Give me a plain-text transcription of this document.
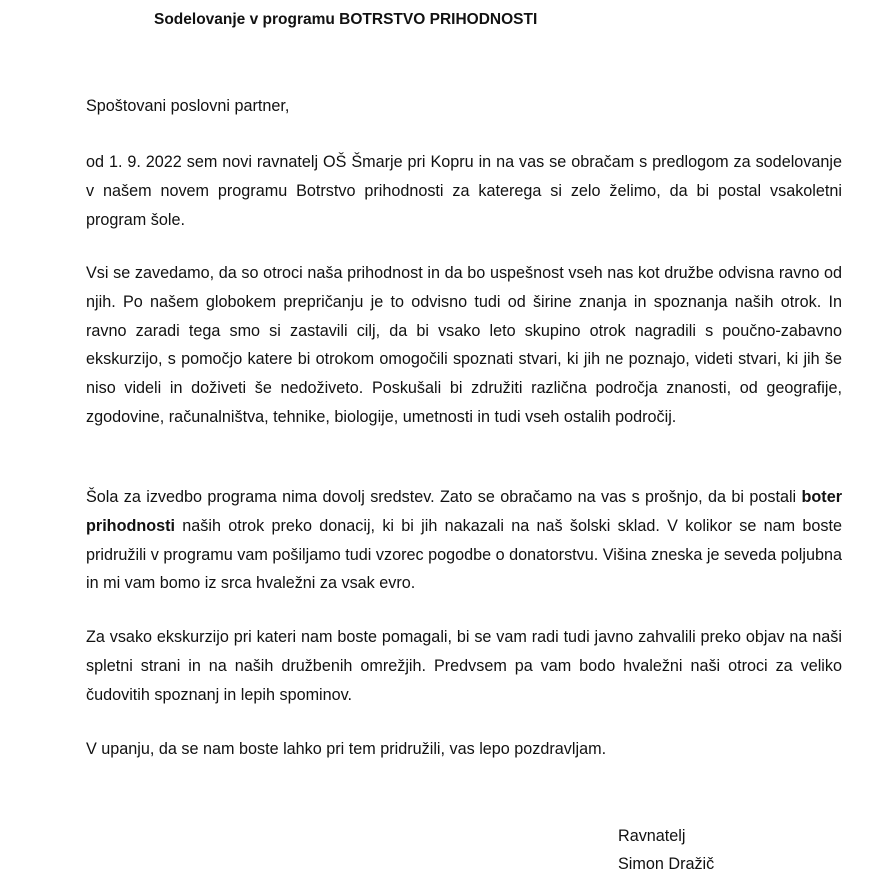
Sodelovanje v programu BOTRSTVO PRIHODNOSTI

Spoštovani poslovni partner,

od 1. 9. 2022 sem novi ravnatelj OŠ Šmarje pri Kopru in na vas se obračam s predlogom za sodelovanje v našem novem programu Botrstvo prihodnosti za katerega si zelo želimo, da bi postal vsakoletni program šole.

Vsi se zavedamo, da so otroci naša prihodnost in da bo uspešnost vseh nas kot družbe odvisna ravno od njih. Po našem globokem prepričanju je to odvisno tudi od širine znanja in spoznanja naših otrok. In ravno zaradi tega smo si zastavili cilj, da bi vsako leto skupino otrok nagradili s poučno-zabavno ekskurzijo, s pomočjo katere bi otrokom omogočili spoznati stvari, ki jih ne poznajo, videti stvari, ki jih še niso videli in doživeti še nedoživeto. Poskušali bi združiti različna področja znanosti, od geografije, zgodovine, računalništva, tehnike, biologije, umetnosti in tudi vseh ostalih področij.

Šola za izvedbo programa nima dovolj sredstev. Zato se obračamo na vas s prošnjo, da bi postali boter prihodnosti naših otrok preko donacij, ki bi jih nakazali na naš šolski sklad. V kolikor se nam boste pridružili v programu vam pošiljamo tudi vzorec pogodbe o donatorstvu. Višina zneska je seveda poljubna in mi vam bomo iz srca hvaležni za vsak evro.

Za vsako ekskurzijo pri kateri nam boste pomagali, bi se vam radi tudi javno zahvalili preko objav na naši spletni strani in na naših družbenih omrežjih. Predvsem pa vam bodo hvaležni naši otroci za veliko čudovitih spoznanj in lepih spominov.

V upanju, da se nam boste lahko pri tem pridružili, vas lepo pozdravljam.

Ravnatelj
Simon Dražič
